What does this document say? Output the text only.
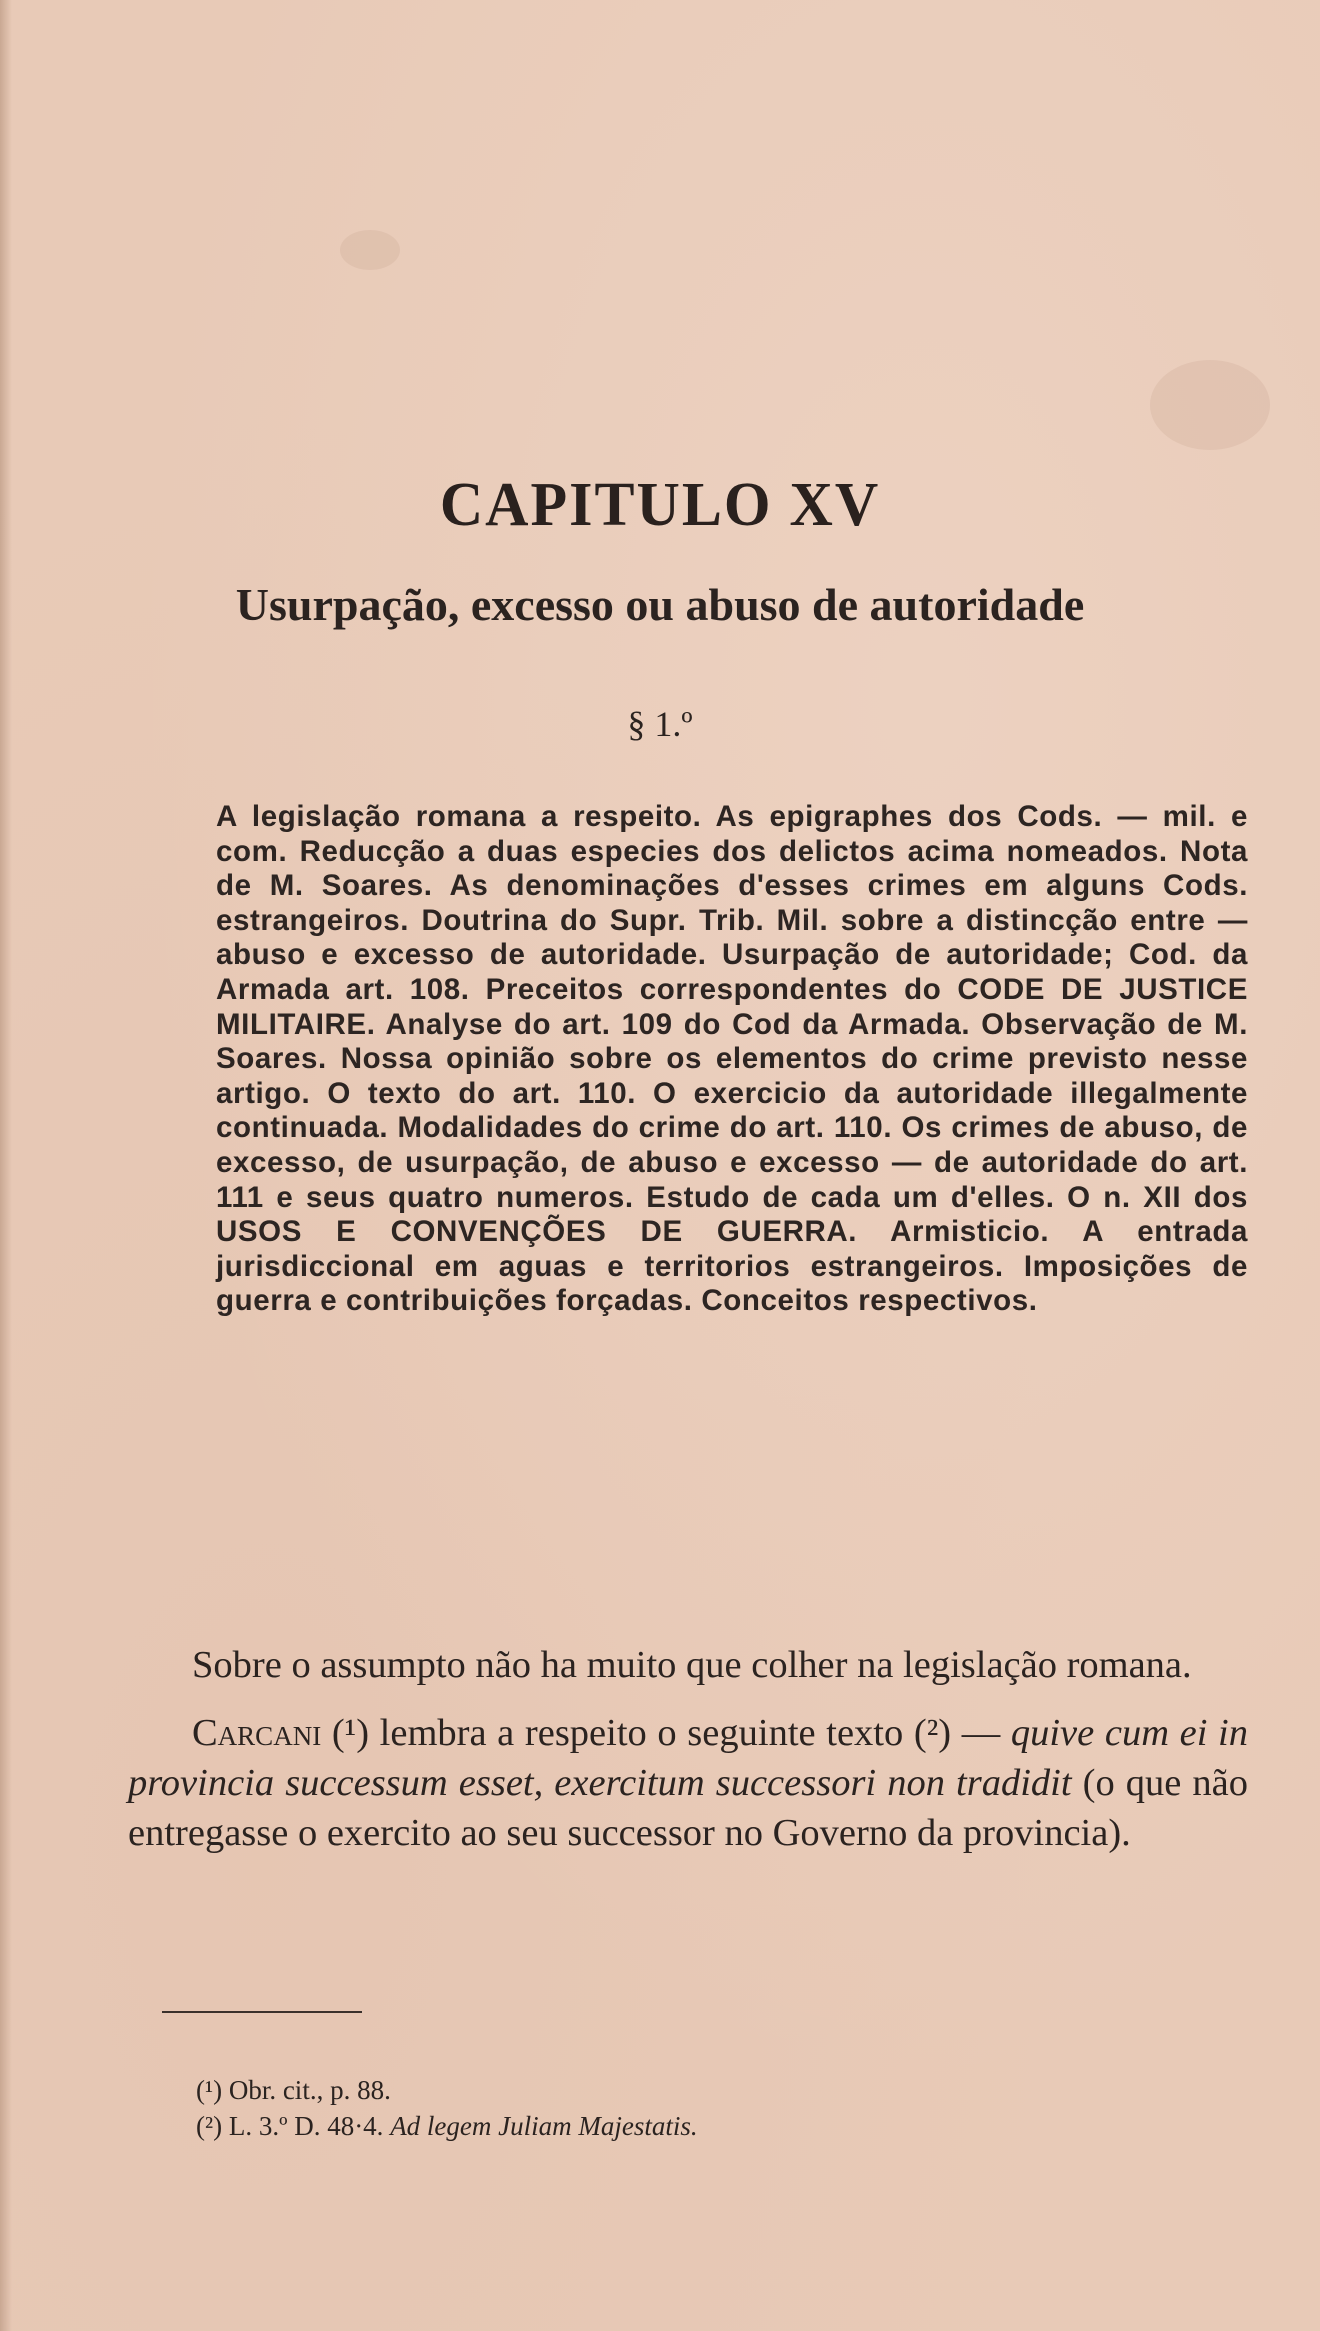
CAPITULO XV
Usurpação, excesso ou abuso de autoridade
§ 1.º

A legislação romana a respeito. As epigraphes dos Cods. — mil. e com. Reducção a duas especies dos delictos acima nomeados. Nota de M. Soares. As denominações d'esses crimes em alguns Cods. estrangeiros. Doutrina do Supr. Trib. Mil. sobre a distincção entre — abuso e excesso de autoridade. Usurpação de autoridade; Cod. da Armada art. 108. Preceitos correspondentes do CODE DE JUSTICE MILITAIRE. Analyse do art. 109 do Cod da Armada. Observação de M. Soares. Nossa opinião sobre os elementos do crime previsto nesse artigo. O texto do art. 110. O exercicio da autoridade illegalmente continuada. Modalidades do crime do art. 110. Os crimes de abuso, de excesso, de usurpação, de abuso e excesso — de autoridade do art. 111 e seus quatro numeros. Estudo de cada um d'elles. O n. XII dos USOS E CONVENÇÕES DE GUERRA. Armisticio. A entrada jurisdiccional em aguas e territorios estrangeiros. Imposições de guerra e contribuições forçadas. Conceitos respectivos.

Sobre o assumpto não ha muito que colher na legislação romana.

Carcani (¹) lembra a respeito o seguinte texto (²) — quive cum ei in provincia successum esset, exercitum successori non tradidit (o que não entregasse o exercito ao seu successor no Governo da provincia).

(¹) Obr. cit., p. 88.
(²) L. 3.º D. 48·4. Ad legem Juliam Majestatis.
